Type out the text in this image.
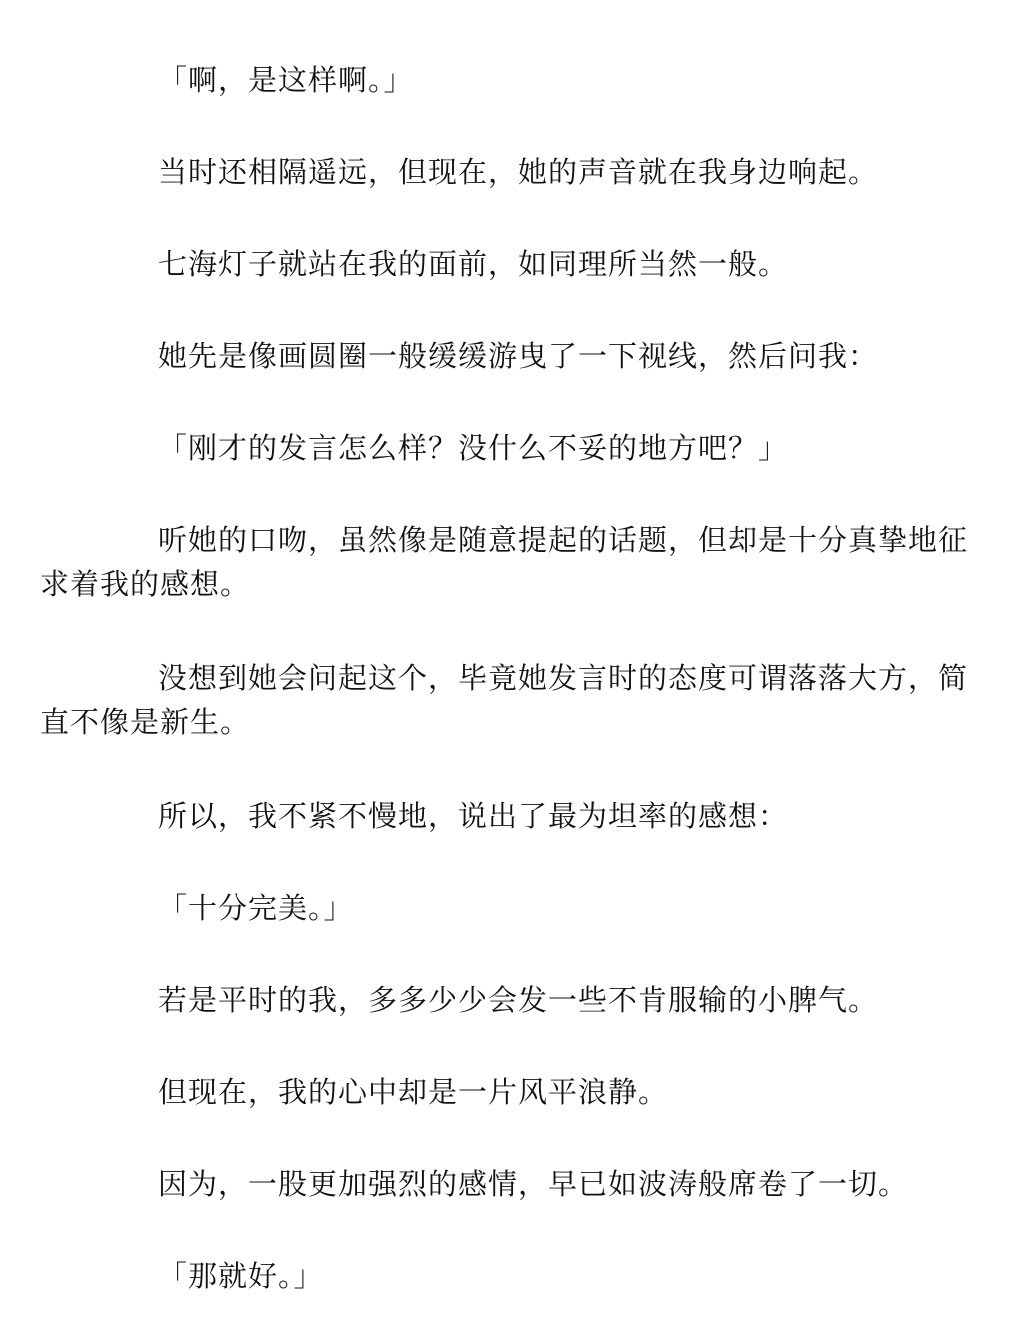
「啊，是这样啊。」

当时还相隔遥远，但现在，她的声音就在我身边响起。

七海灯子就站在我的面前，如同理所当然一般。

她先是像画圆圈一般缓缓游曳了一下视线，然后问我：

「刚才的发言怎么样？没什么不妥的地方吧？」

听她的口吻，虽然像是随意提起的话题，但却是十分真挚地征求着我的感想。

没想到她会问起这个，毕竟她发言时的态度可谓落落大方，简直不像是新生。

所以，我不紧不慢地，说出了最为坦率的感想：

「十分完美。」

若是平时的我，多多少少会发一些不肯服输的小脾气。

但现在，我的心中却是一片风平浪静。

因为，一股更加强烈的感情，早已如波涛般席卷了一切。

「那就好。」
